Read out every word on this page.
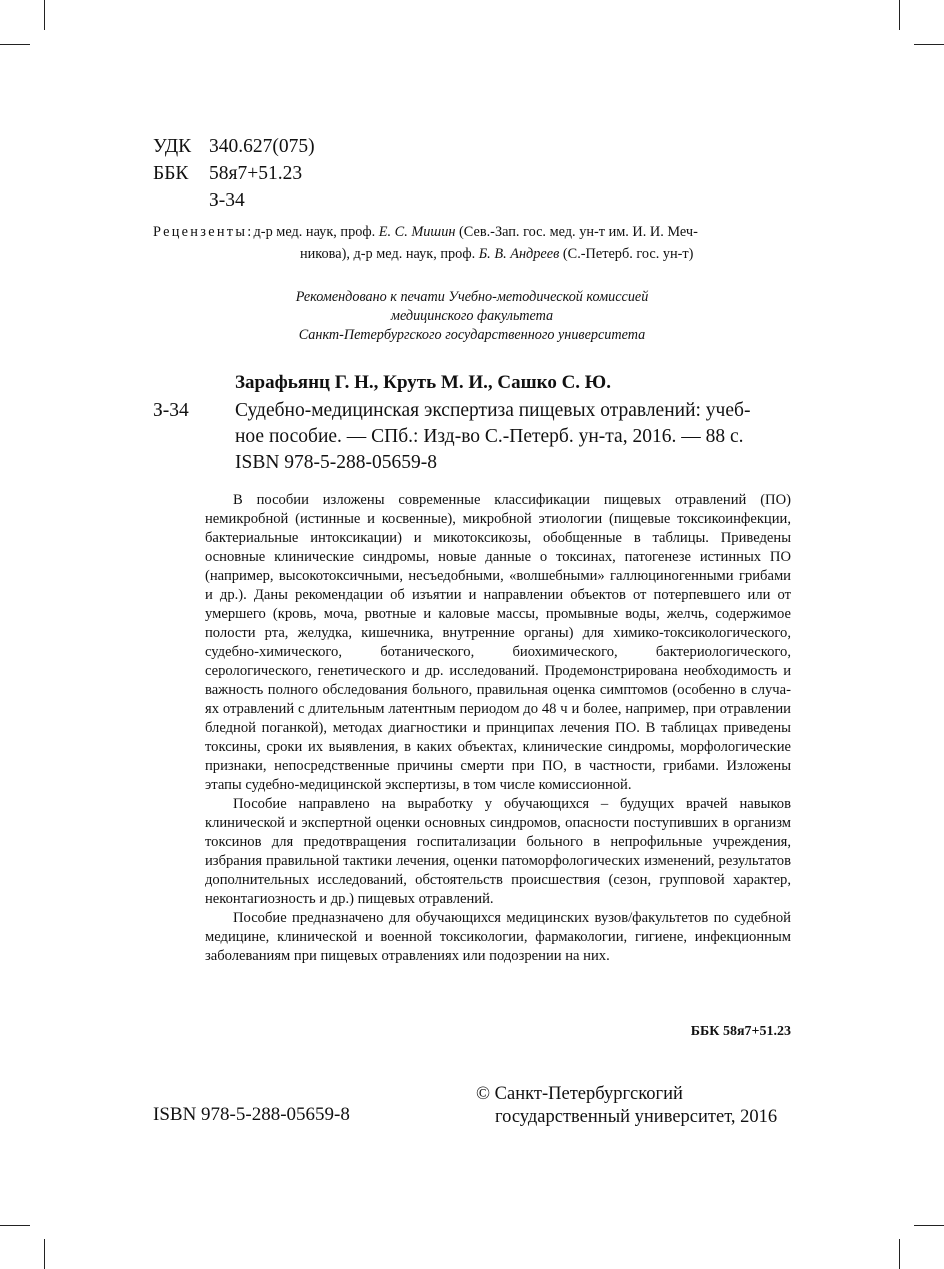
УДК 340.627(075)
ББК 58я7+51.23
З-34
Рецензенты:д-р мед. наук, проф. Е. С. Мишин (Сев.-Зап. гос. мед. ун-т им. И. И. Меч-
никова), д-р мед. наук, проф. Б. В. Андреев (С.-Петерб. гос. ун-т)
Рекомендовано к печати Учебно-методической комиссией
медицинского факультета
Санкт-Петербургского государственного университета
Зарафьянц Г. Н., Круть М. И., Сашко С. Ю.
З-34 Судебно-медицинская экспертиза пищевых отравлений: учеб-
ное пособие. — СПб.: Изд-во С.-Петерб. ун-та, 2016. — 88 с.
ISBN 978-5-288-05659-8

В пособии изложены современные классификации пищевых отравлений (ПО) немикробной (истинные и косвенные), микробной этиологии (пищевые токсикоинфекции, бактериальные интоксикации) и микотоксикозы, обобщенные в таблицы. Приведены основные клинические синдромы, новые данные о токсинах, патогенезе истинных ПО (например, высокотоксичными, несъедобными, «волшебными» галлюциногенными грибами и др.). Даны рекомендации об изъятии и направлении объектов от потерпевшего или от умершего (кровь, моча, рвотные и каловые массы, промывные воды, желчь, содержимое полости рта, желудка, кишечника, внутренние органы) для химико-токсикологического, судебно-химического, ботанического, биохимического, бактериологического, серологического, генетического и др. исследований. Продемонстрирована необходимость и важность полного обследования больного, правильная оценка симптомов (особенно в случаях отравлений с длительным латентным периодом до 48 ч и более, например, при отравлении бледной поганкой), методах диагностики и принципах лечения ПО. В таблицах приведены токсины, сроки их выявления, в каких объектах, клинические синдромы, морфологические признаки, непосредственные причины смерти при ПО, в частности, грибами. Изложены этапы судебно-медицинской экспертизы, в том числе комиссионной.

Пособие направлено на выработку у обучающихся – будущих врачей навыков клинической и экспертной оценки основных синдромов, опасности поступивших в организм токсинов для предотвращения госпитализации больного в непрофильные учреждения, избрания правильной тактики лечения, оценки патоморфологических изменений, результатов дополнительных исследований, обстоятельств происшествия (сезон, групповой характер, неконтагиозность и др.) пищевых отравлений.

Пособие предназначено для обучающихся медицинских вузов/факультетов по судебной медицине, клинической и военной токсикологии, фармакологии, гигиене, инфекционным заболеваниям при пищевых отравлениях или подозрении на них.

ББК 58я7+51.23
ISBN 978-5-288-05659-8
© Санкт-Петербургскогий
государственный университет, 2016
